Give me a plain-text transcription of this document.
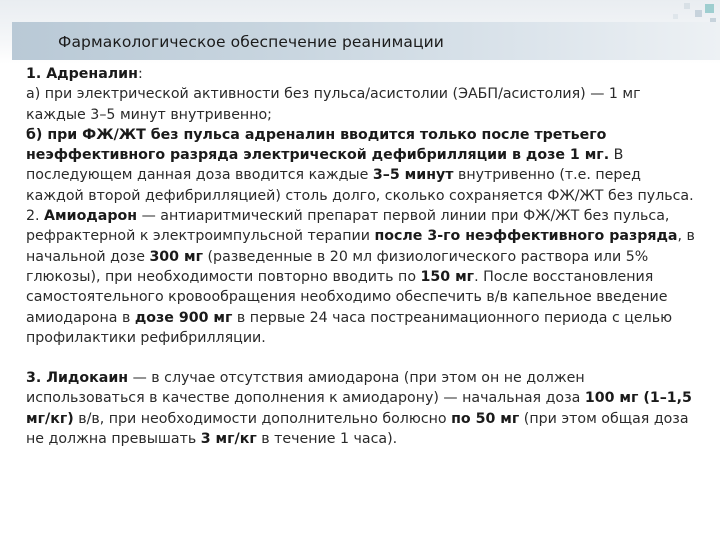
Фармакологическое обеспечение реанимации

1. Адреналин:

а) при электрической активности без пульса/асистолии (ЭАБП/асистолия) — 1 мг каждые 3–5 минут внутривенно;

б) при ФЖ/ЖТ без пульса адреналин вводится только после третьего неэффективного разряда электрической дефибрилляции в дозе 1 мг. В последующем данная доза вводится каждые 3–5 минут внутривенно (т.е. перед каждой второй дефибрилляцией) столь долго, сколько сохраняется ФЖ/ЖТ без пульса.

2. Амиодарон — антиаритмический препарат первой линии при ФЖ/ЖТ без пульса, рефрактерной к электроимпульсной терапии после 3-го неэффективного разряда, в начальной дозе 300 мг (разведенные в 20 мл физиологического раствора или 5% глюкозы), при необходимости повторно вводить по 150 мг. После восстановления самостоятельного кровообращения необходимо обеспечить в/в капельное введение амиодарона в дозе 900 мг в первые 24 часа постреанимационного периода с целью профилактики рефибрилляции.

3. Лидокаин — в случае отсутствия амиодарона (при этом он не должен использоваться в качестве дополнения к амиодарону) — начальная доза 100 мг (1–1,5 мг/кг) в/в, при необходимости дополнительно болюсно по 50 мг (при этом общая доза не должна превышать 3 мг/кг в течение 1 часа).
